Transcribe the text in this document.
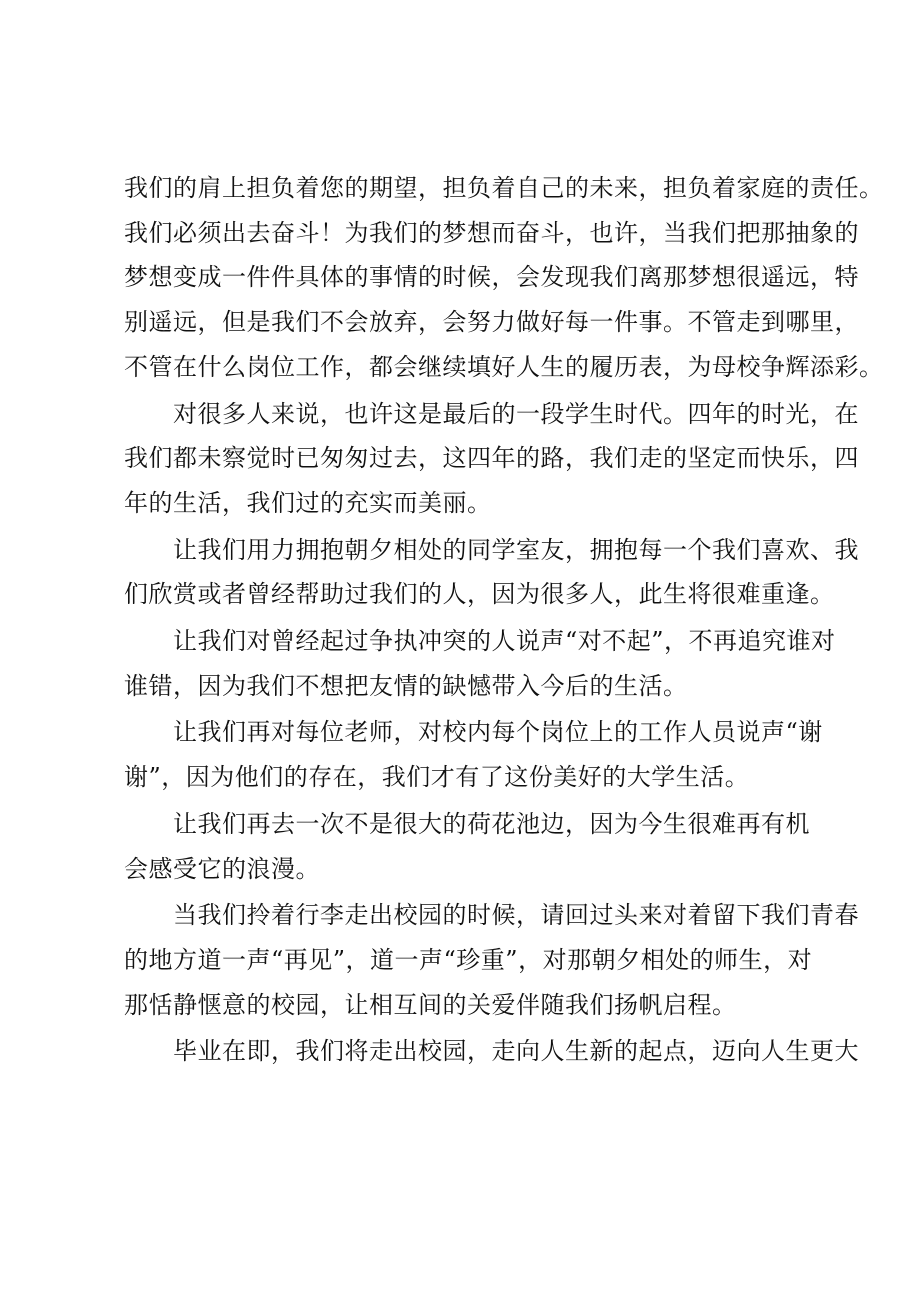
我们的肩上担负着您的期望，担负着自己的未来，担负着家庭的责任。
我们必须出去奋斗！为我们的梦想而奋斗，也许，当我们把那抽象的
梦想变成一件件具体的事情的时候，会发现我们离那梦想很遥远，特
别遥远，但是我们不会放弃，会努力做好每一件事。不管走到哪里，
不管在什么岗位工作，都会继续填好人生的履历表，为母校争辉添彩。

对很多人来说，也许这是最后的一段学生时代。四年的时光，在
我们都未察觉时已匆匆过去，这四年的路，我们走的坚定而快乐，四
年的生活，我们过的充实而美丽。

让我们用力拥抱朝夕相处的同学室友，拥抱每一个我们喜欢、我
们欣赏或者曾经帮助过我们的人，因为很多人，此生将很难重逢。

让我们对曾经起过争执冲突的人说声“对不起”，不再追究谁对
谁错，因为我们不想把友情的缺憾带入今后的生活。

让我们再对每位老师，对校内每个岗位上的工作人员说声“谢
谢”，因为他们的存在，我们才有了这份美好的大学生活。

让我们再去一次不是很大的荷花池边，因为今生很难再有机
会感受它的浪漫。

当我们拎着行李走出校园的时候，请回过头来对着留下我们青春
的地方道一声“再见”，道一声“珍重”，对那朝夕相处的师生，对
那恬静惬意的校园，让相互间的关爱伴随我们扬帆启程。

毕业在即，我们将走出校园，走向人生新的起点，迈向人生更大
